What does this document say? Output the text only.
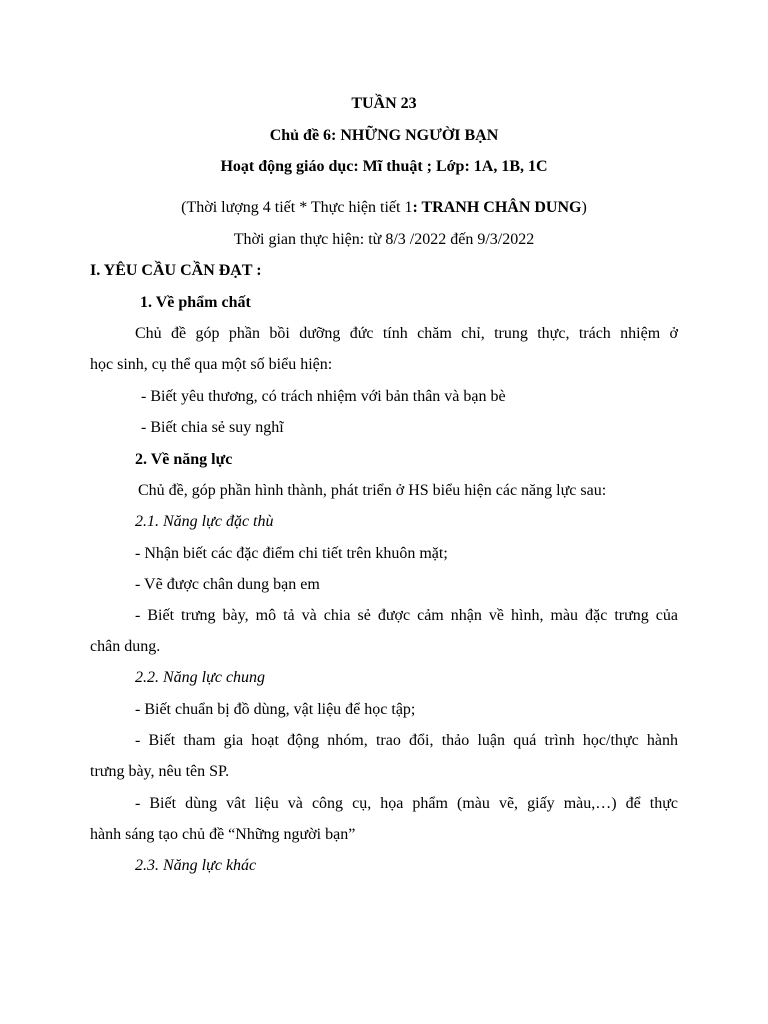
TUẦN 23
Chủ đề 6: NHỮNG NGƯỜI BẠN
Hoạt động giáo dục: Mĩ thuật ; Lớp: 1A, 1B, 1C
(Thời lượng 4 tiết * Thực hiện tiết 1: TRANH CHÂN DUNG)
Thời gian thực hiện: từ 8/3 /2022 đến 9/3/2022
I. YÊU CẦU CẦN ĐẠT :
1. Về phẩm chất
Chủ đề góp phần bồi dưỡng đức tính chăm chỉ, trung thực, trách nhiệm ở
học sinh, cụ thể qua một số biểu hiện:
- Biết yêu thương, có trách nhiệm với bản thân và bạn bè
- Biết chia sẻ suy nghĩ
2. Về năng lực
Chủ đề, góp phần hình thành, phát triển ở HS biểu hiện các năng lực sau:
2.1. Năng lực đặc thù
- Nhận biết các đặc điểm chi tiết trên khuôn mặt;
- Vẽ được chân dung bạn em
- Biết trưng bày, mô tả và chia sẻ được cảm nhận về hình, màu đặc trưng của
chân dung.
2.2. Năng lực chung
- Biết chuẩn bị đồ dùng, vật liệu để học tập;
- Biết tham gia hoạt động nhóm, trao đổi, thảo luận quá trình học/thực hành
trưng bày, nêu tên SP.
- Biết dùng vât liệu và công cụ, họa phẩm (màu vẽ, giấy màu,…) để thực
hành sáng tạo chủ đề “Những người bạn”
2.3. Năng lực khác
